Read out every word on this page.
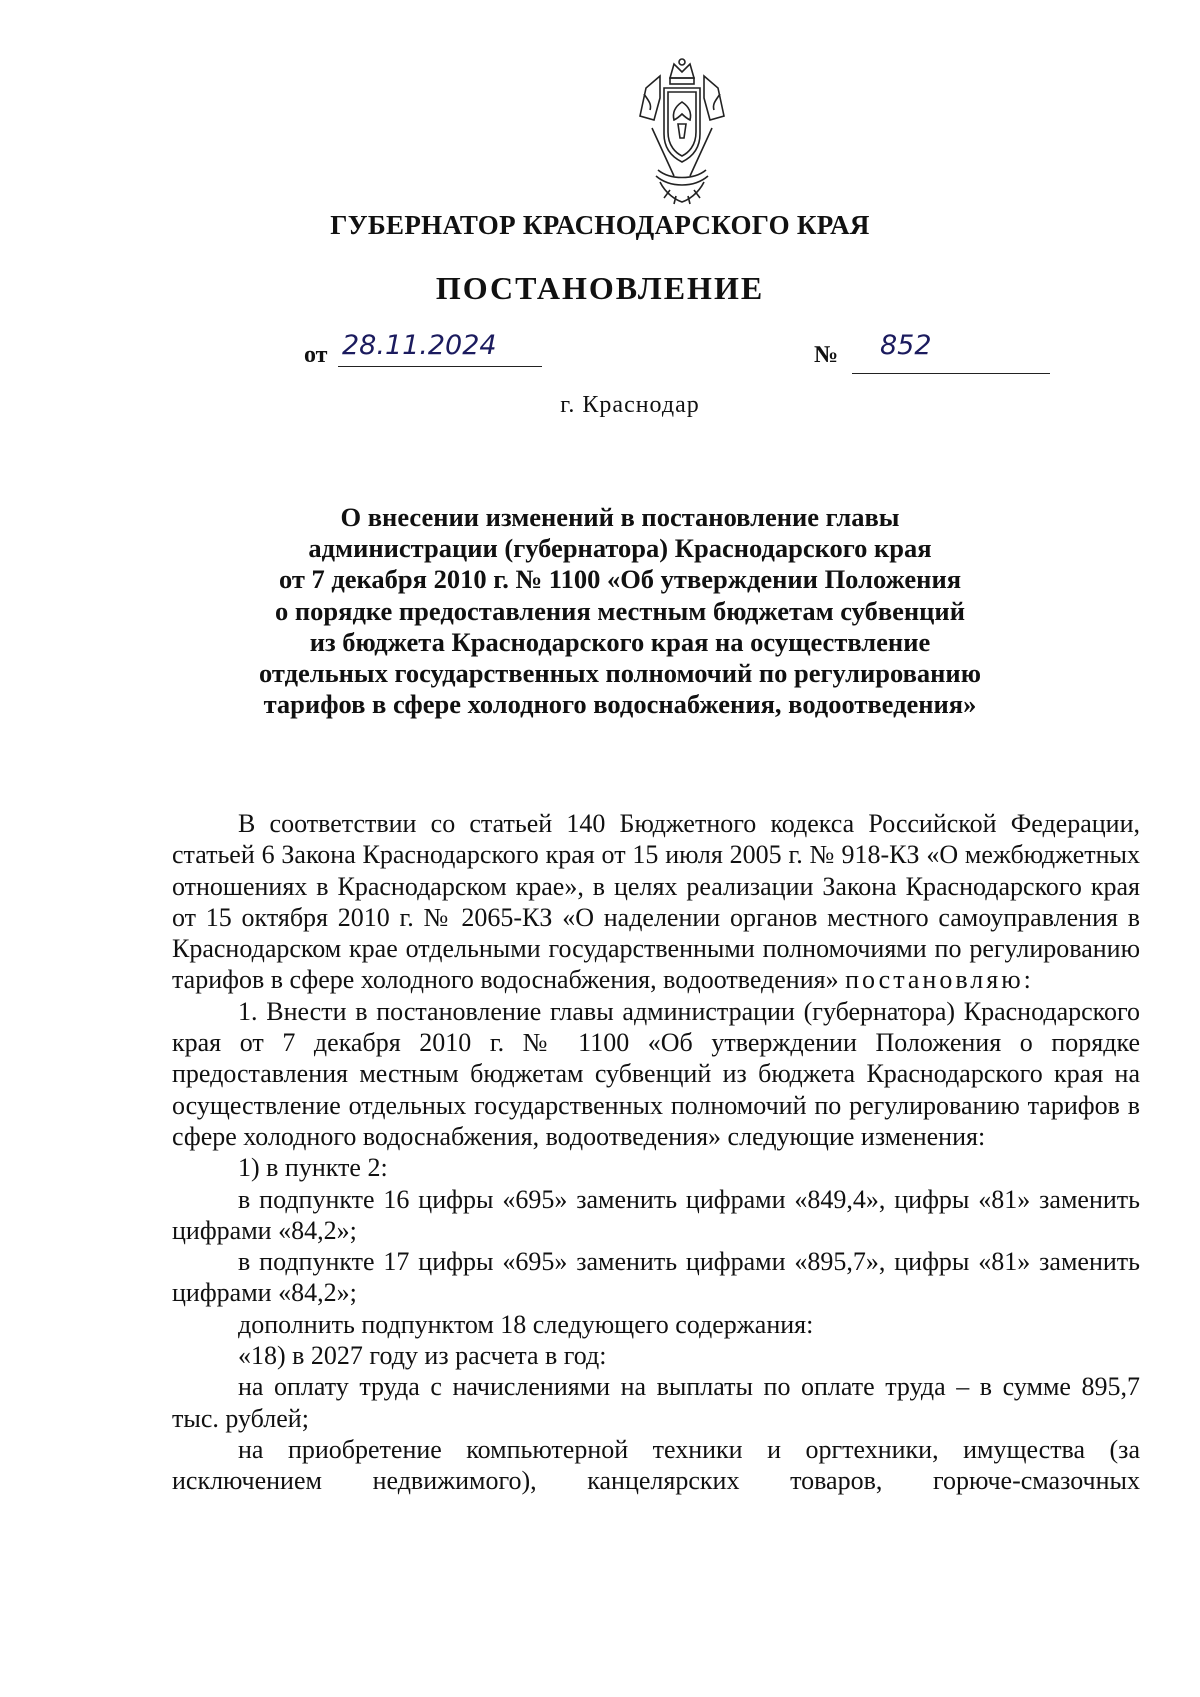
ГУБЕРНАТОР КРАСНОДАРСКОГО КРАЯ
ПОСТАНОВЛЕНИЕ
от 28.11.2024	№	852
г. Краснодар
О внесении изменений в постановление главы
администрации (губернатора) Краснодарского края
от 7 декабря 2010 г. № 1100 «Об утверждении Положения
о порядке предоставления местным бюджетам субвенций
из бюджета Краснодарского края на осуществление
отдельных государственных полномочий по регулированию
тарифов в сфере холодного водоснабжения, водоотведения»

В соответствии со статьей 140 Бюджетного кодекса Российской Федерации, статьей 6 Закона Краснодарского края от 15 июля 2005 г. № 918-КЗ «О межбюджетных отношениях в Краснодарском крае», в целях реализации Закона Краснодарского края от 15 октября 2010 г. № 2065-КЗ «О наделении органов местного самоуправления в Краснодарском крае отдельными государственными полномочиями по регулированию тарифов в сфере холодного водоснабжения, водоотведения» постановляю:

1. Внести в постановление главы администрации (губернатора) Краснодарского края от 7 декабря 2010 г. № 1100 «Об утверждении Положения о порядке предоставления местным бюджетам субвенций из бюджета Краснодарского края на осуществление отдельных государственных полномочий по регулированию тарифов в сфере холодного водоснабжения, водоотведения» следующие изменения:

1) в пункте 2:

в подпункте 16 цифры «695» заменить цифрами «849,4», цифры «81» заменить цифрами «84,2»;

в подпункте 17 цифры «695» заменить цифрами «895,7», цифры «81» заменить цифрами «84,2»;

дополнить подпунктом 18 следующего содержания:

«18) в 2027 году из расчета в год:

на оплату труда с начислениями на выплаты по оплате труда – в сумме 895,7 тыс. рублей;

на приобретение компьютерной техники и оргтехники, имущества (за исключением недвижимого), канцелярских товаров, горюче-смазочных
